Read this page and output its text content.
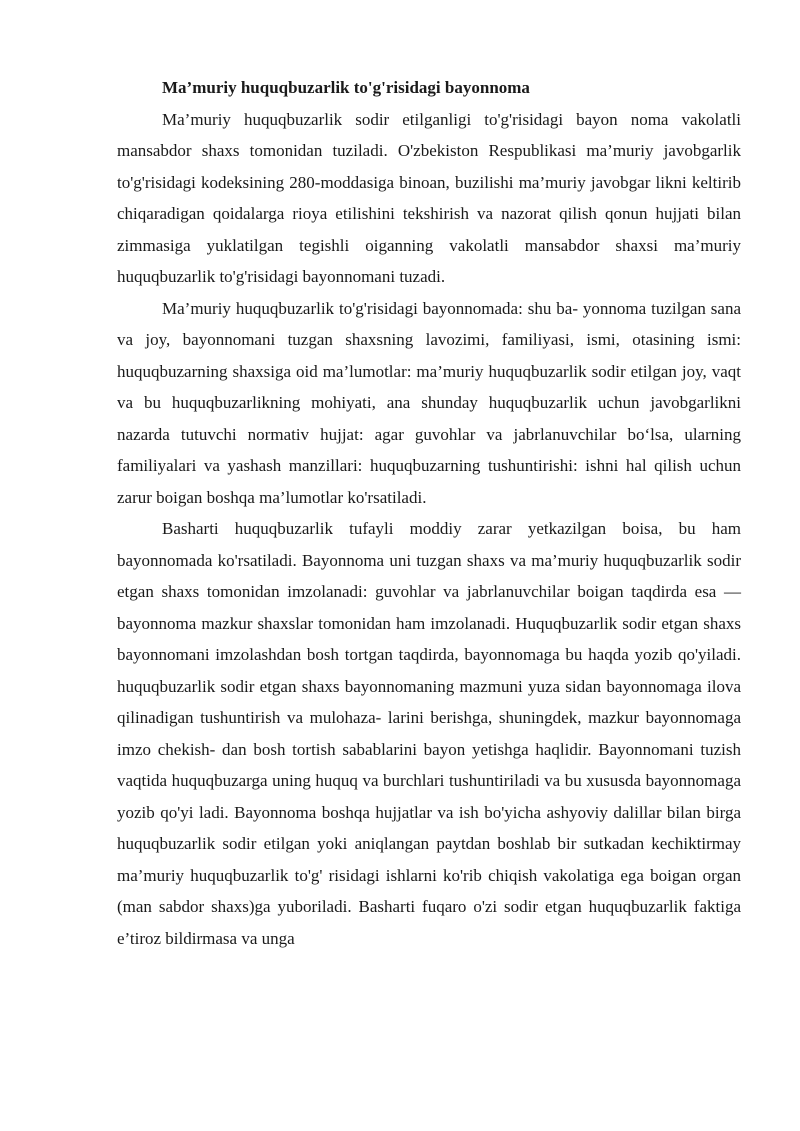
Ma’muriy huquqbuzarlik to'g'risidagi bayonnoma

Ma’muriy huquqbuzarlik sodir etilganligi to'g'risidagi bayon noma vakolatli mansabdor shaxs tomonidan tuziladi. O'zbekiston Respublikasi ma’muriy javobgarlik to'g'risidagi kodeksining 280-moddasiga binoan, buzilishi ma’muriy javobgar likni keltirib chiqaradigan qoidalarga rioya etilishini tekshirish va nazorat qilish qonun hujjati bilan zimmasiga yuklatilgan tegishli oiganning vakolatli mansabdor shaxsi ma’muriy huquqbuzarlik to'g'risidagi bayonnomani tuzadi.

Ma’muriy huquqbuzarlik to'g'risidagi bayonnomada: shu ba- yonnoma tuzilgan sana va joy, bayonnomani tuzgan shaxsning lavozimi, familiyasi, ismi, otasining ismi: huquqbuzarning shaxsiga oid ma’lumotlar: ma’muriy huquqbuzarlik sodir etilgan joy, vaqt va bu huquqbuzarlikning mohiyati, ana shunday huquqbuzarlik uchun javobgarlikni nazarda tutuvchi normativ hujjat: agar guvohlar va jabrlanuvchilar bo‘lsa, ularning familiyalari va yashash manzillari: huquqbuzarning tushuntirishi: ishni hal qilish uchun zarur boigan boshqa ma’lumotlar ko'rsatiladi.

Basharti huquqbuzarlik tufayli moddiy zarar yetkazilgan boisa, bu ham bayonnomada ko'rsatiladi. Bayonnoma uni tuzgan shaxs va ma’muriy huquqbuzarlik sodir etgan shaxs tomonidan imzolanadi: guvohlar va jabrlanuvchilar boigan taqdirda esa — bayonnoma mazkur shaxslar tomonidan ham imzolanadi. Huquqbuzarlik sodir etgan shaxs bayonnomani imzolashdan bosh tortgan taqdirda, bayonnomaga bu haqda yozib qo'yiladi. huquqbuzarlik sodir etgan shaxs bayonnomaning mazmuni yuza sidan bayonnomaga ilova qilinadigan tushuntirish va mulohaza- larini berishga, shuningdek, mazkur bayonnomaga imzo chekish- dan bosh tortish sabablarini bayon yetishga haqlidir. Bayonnomani tuzish vaqtida huquqbuzarga uning huquq va burchlari tushuntiriladi va bu xususda bayonnomaga yozib qo'yi ladi. Bayonnoma boshqa hujjatlar va ish bo'yicha ashyoviy dalillar bilan birga huquqbuzarlik sodir etilgan yoki aniqlangan paytdan boshlab bir sutkadan kechiktirmay ma’muriy huquqbuzarlik to'g' risidagi ishlarni ko'rib chiqish vakolatiga ega boigan organ (man sabdor shaxs)ga yuboriladi. Basharti fuqaro o'zi sodir etgan huquqbuzarlik faktiga e’tiroz bildirmasa va unga
